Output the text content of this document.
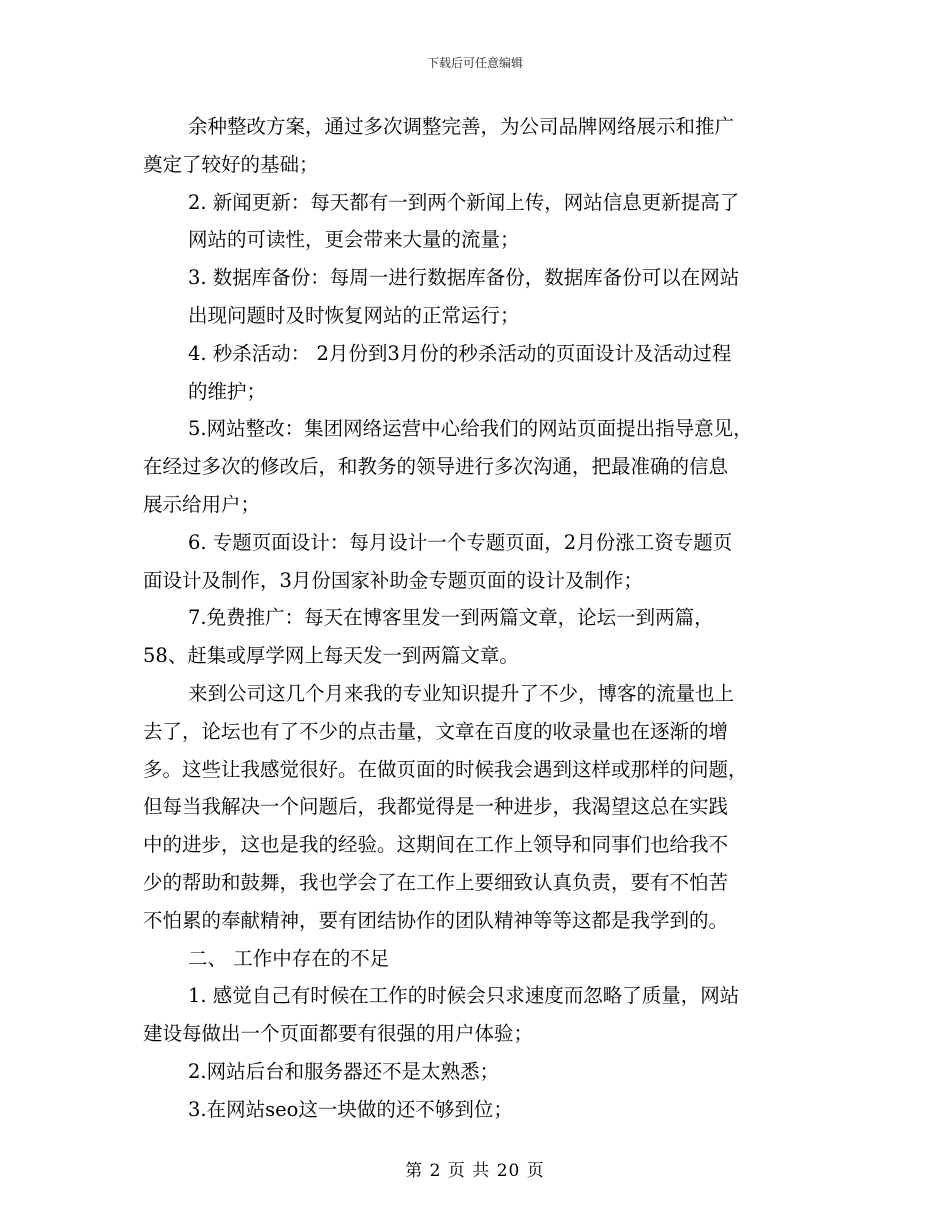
下载后可任意编辑
余种整改方案，通过多次调整完善，为公司品牌网络展示和推广
奠定了较好的基础；
2. 新闻更新：每天都有一到两个新闻上传，网站信息更新提高了
网站的可读性，更会带来大量的流量；
3. 数据库备份：每周一进行数据库备份，数据库备份可以在网站
出现问题时及时恢复网站的正常运行；
4. 秒杀活动： 2月份到3月份的秒杀活动的页面设计及活动过程
的维护；
5.网站整改：集团网络运营中心给我们的网站页面提出指导意见，
在经过多次的修改后，和教务的领导进行多次沟通，把最准确的信息
展示给用户；
6. 专题页面设计：每月设计一个专题页面，2月份涨工资专题页
面设计及制作，3月份国家补助金专题页面的设计及制作；
7.免费推广：每天在博客里发一到两篇文章，论坛一到两篇，
58、赶集或厚学网上每天发一到两篇文章。
来到公司这几个月来我的专业知识提升了不少，博客的流量也上
去了，论坛也有了不少的点击量，文章在百度的收录量也在逐渐的增
多。这些让我感觉很好。在做页面的时候我会遇到这样或那样的问题，
但每当我解决一个问题后，我都觉得是一种进步，我渴望这总在实践
中的进步，这也是我的经验。这期间在工作上领导和同事们也给我不
少的帮助和鼓舞，我也学会了在工作上要细致认真负责，要有不怕苦
不怕累的奉献精神，要有团结协作的团队精神等等这都是我学到的。
二、 工作中存在的不足
1. 感觉自己有时候在工作的时候会只求速度而忽略了质量，网站
建设每做出一个页面都要有很强的用户体验；
2.网站后台和服务器还不是太熟悉；
3.在网站seo这一块做的还不够到位；
第 2 页 共 20 页
